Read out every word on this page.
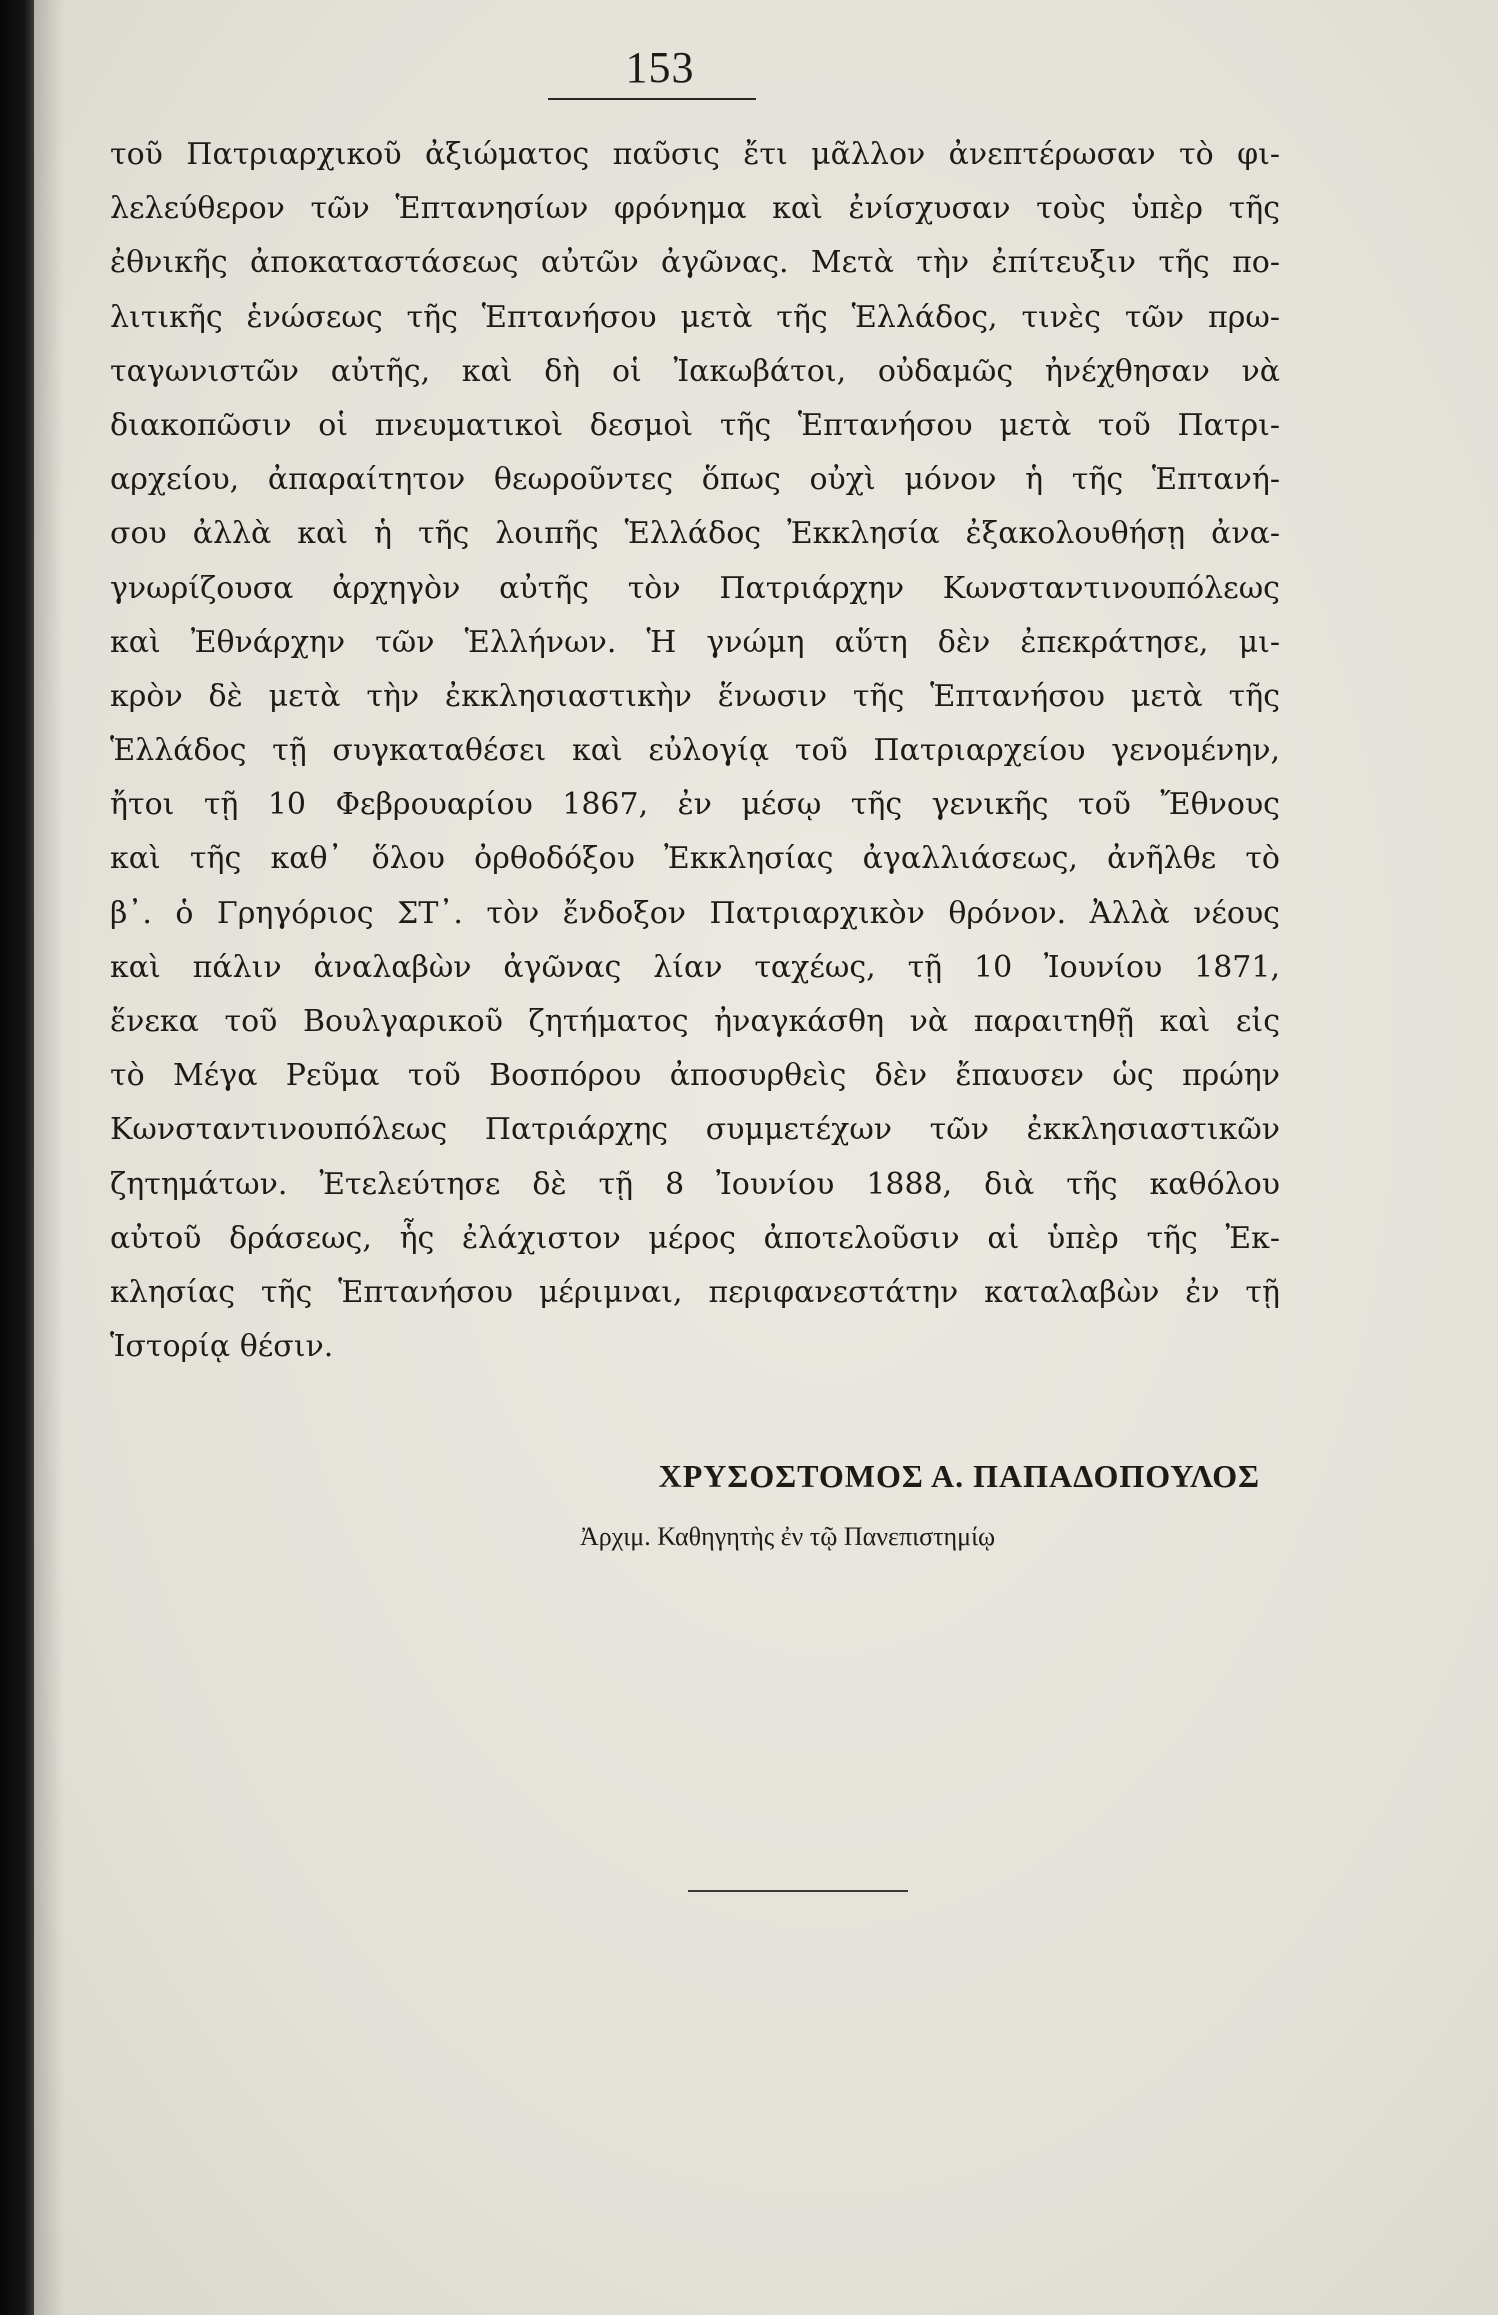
153
τοῦ Πατριαρχικοῦ ἀξιώματος παῦσις ἔτι μᾶλλον ἀνεπτέρωσαν τὸ φι-
λελεύθερον τῶν Ἑπτανησίων φρόνημα καὶ ἐνίσχυσαν τοὺς ὑπὲρ τῆς
ἐθνικῆς ἀποκαταστάσεως αὐτῶν ἀγῶνας. Μετὰ τὴν ἐπίτευξιν τῆς πο-
λιτικῆς ἑνώσεως τῆς Ἑπτανήσου μετὰ τῆς Ἑλλάδος, τινὲς τῶν πρω-
ταγωνιστῶν αὐτῆς, καὶ δὴ οἱ Ἰακωβάτοι, οὐδαμῶς ἠνέχθησαν νὰ
διακοπῶσιν οἱ πνευματικοὶ δεσμοὶ τῆς Ἑπτανήσου μετὰ τοῦ Πατρι-
αρχείου, ἀπαραίτητον θεωροῦντες ὅπως οὐχὶ μόνον ἡ τῆς Ἑπτανή-
σου ἀλλὰ καὶ ἡ τῆς λοιπῆς Ἑλλάδος Ἐκκλησία ἐξακολουθήσῃ ἀνα-
γνωρίζουσα ἀρχηγὸν αὐτῆς τὸν Πατριάρχην Κωνσταντινουπόλεως
καὶ Ἐθνάρχην τῶν Ἑλλήνων. Ἡ γνώμη αὕτη δὲν ἐπεκράτησε, μι-
κρὸν δὲ μετὰ τὴν ἐκκλησιαστικὴν ἕνωσιν τῆς Ἑπτανήσου μετὰ τῆς
Ἑλλάδος τῇ συγκαταθέσει καὶ εὐλογίᾳ τοῦ Πατριαρχείου γενομένην,
ἤτοι τῇ 10 Φεβρουαρίου 1867, ἐν μέσῳ τῆς γενικῆς τοῦ Ἔθνους
καὶ τῆς καθ᾽ ὅλου ὀρθοδόξου Ἐκκλησίας ἀγαλλιάσεως, ἀνῆλθε τὸ
β᾽. ὁ Γρηγόριος ΣΤ᾽. τὸν ἔνδοξον Πατριαρχικὸν θρόνον. Ἀλλὰ νέους
καὶ πάλιν ἀναλαβὼν ἀγῶνας λίαν ταχέως, τῇ 10 Ἰουνίου 1871,
ἕνεκα τοῦ Βουλγαρικοῦ ζητήματος ἠναγκάσθη νὰ παραιτηθῇ καὶ εἰς
τὸ Μέγα Ρεῦμα τοῦ Βοσπόρου ἀποσυρθεὶς δὲν ἔπαυσεν ὡς πρώην
Κωνσταντινουπόλεως Πατριάρχης συμμετέχων τῶν ἐκκλησιαστικῶν
ζητημάτων. Ἐτελεύτησε δὲ τῇ 8 Ἰουνίου 1888, διὰ τῆς καθόλου
αὐτοῦ δράσεως, ἧς ἐλάχιστον μέρος ἀποτελοῦσιν αἱ ὑπὲρ τῆς Ἐκ-
κλησίας τῆς Ἑπτανήσου μέριμναι, περιφανεστάτην καταλαβὼν ἐν τῇ
Ἱστορίᾳ θέσιν.
ΧΡΥΣΟΣΤΟΜΟΣ Α. ΠΑΠΑΔΟΠΟΥΛΟΣ
Ἀρχιμ. Καθηγητὴς ἐν τῷ Πανεπιστημίῳ
